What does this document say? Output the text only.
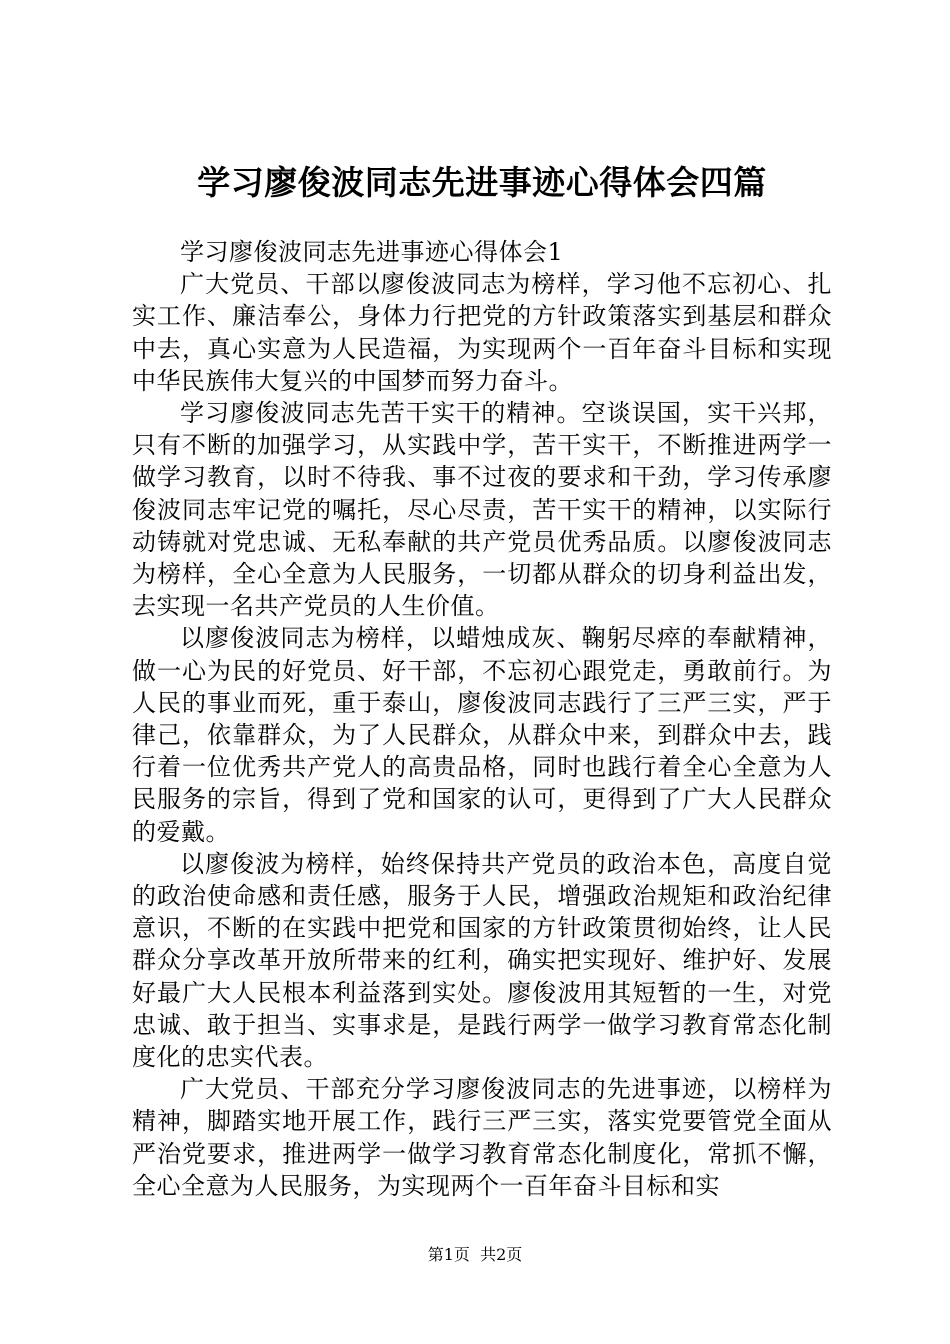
学习廖俊波同志先进事迹心得体会四篇

学习廖俊波同志先进事迹心得体会1

广大党员、干部以廖俊波同志为榜样，学习他不忘初心、扎实工作、廉洁奉公，身体力行把党的方针政策落实到基层和群众中去，真心实意为人民造福，为实现两个一百年奋斗目标和实现中华民族伟大复兴的中国梦而努力奋斗。

学习廖俊波同志先苦干实干的精神。空谈误国，实干兴邦，只有不断的加强学习，从实践中学，苦干实干，不断推进两学一做学习教育，以时不待我、事不过夜的要求和干劲，学习传承廖俊波同志牢记党的嘱托，尽心尽责，苦干实干的精神，以实际行动铸就对党忠诚、无私奉献的共产党员优秀品质。以廖俊波同志为榜样，全心全意为人民服务，一切都从群众的切身利益出发，去实现一名共产党员的人生价值。

以廖俊波同志为榜样，以蜡烛成灰、鞠躬尽瘁的奉献精神，做一心为民的好党员、好干部，不忘初心跟党走，勇敢前行。为人民的事业而死，重于泰山，廖俊波同志践行了三严三实，严于律己，依靠群众，为了人民群众，从群众中来，到群众中去，践行着一位优秀共产党人的高贵品格，同时也践行着全心全意为人民服务的宗旨，得到了党和国家的认可，更得到了广大人民群众的爱戴。

以廖俊波为榜样，始终保持共产党员的政治本色，高度自觉的政治使命感和责任感，服务于人民，增强政治规矩和政治纪律意识，不断的在实践中把党和国家的方针政策贯彻始终，让人民群众分享改革开放所带来的红利，确实把实现好、维护好、发展好最广大人民根本利益落到实处。廖俊波用其短暂的一生，对党忠诚、敢于担当、实事求是，是践行两学一做学习教育常态化制度化的忠实代表。

广大党员、干部充分学习廖俊波同志的先进事迹，以榜样为精神，脚踏实地开展工作，践行三严三实，落实党要管党全面从严治党要求，推进两学一做学习教育常态化制度化，常抓不懈，全心全意为人民服务，为实现两个一百年奋斗目标和实

第1页  共2页
